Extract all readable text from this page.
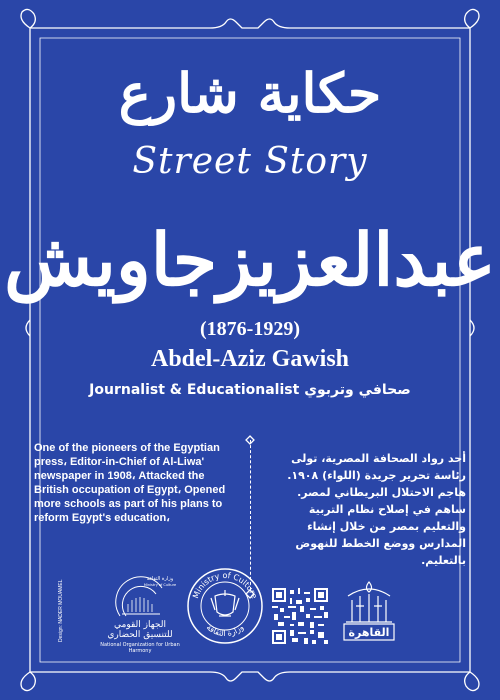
حكاية شارع
Street Story
عبدالعزيزجاويش
(1876-1929)
Abdel-Aziz Gawish
Journalist & Educationalist صحافي وتربوي
One of the pioneers of the Egyptian press، Editor-in-Chief of Al-Liwa' newspaper in 1908، Attacked the British occupation of Egypt، Opened more schools as part of his plans to reform Egypt's education،
أحد رواد الصحافة المصرية، تولى رئاسة تحرير جريدة (اللواء) ١٩٠٨. هاجم الاحتلال البريطاني لمصر. ساهم في إصلاح نظام التربية والتعليم بمصر من خلال إنشاء المدارس ووضع الخطط للنهوض بالتعليم.
Design: NADER MOUAMEL
وزارة الثقافة
Ministry of Culture
الجهاز القومي للتنسيق الحضاري
National Organization for Urban Harmony
Ministry of Culture
وزارة الثقافة	القاهرة
